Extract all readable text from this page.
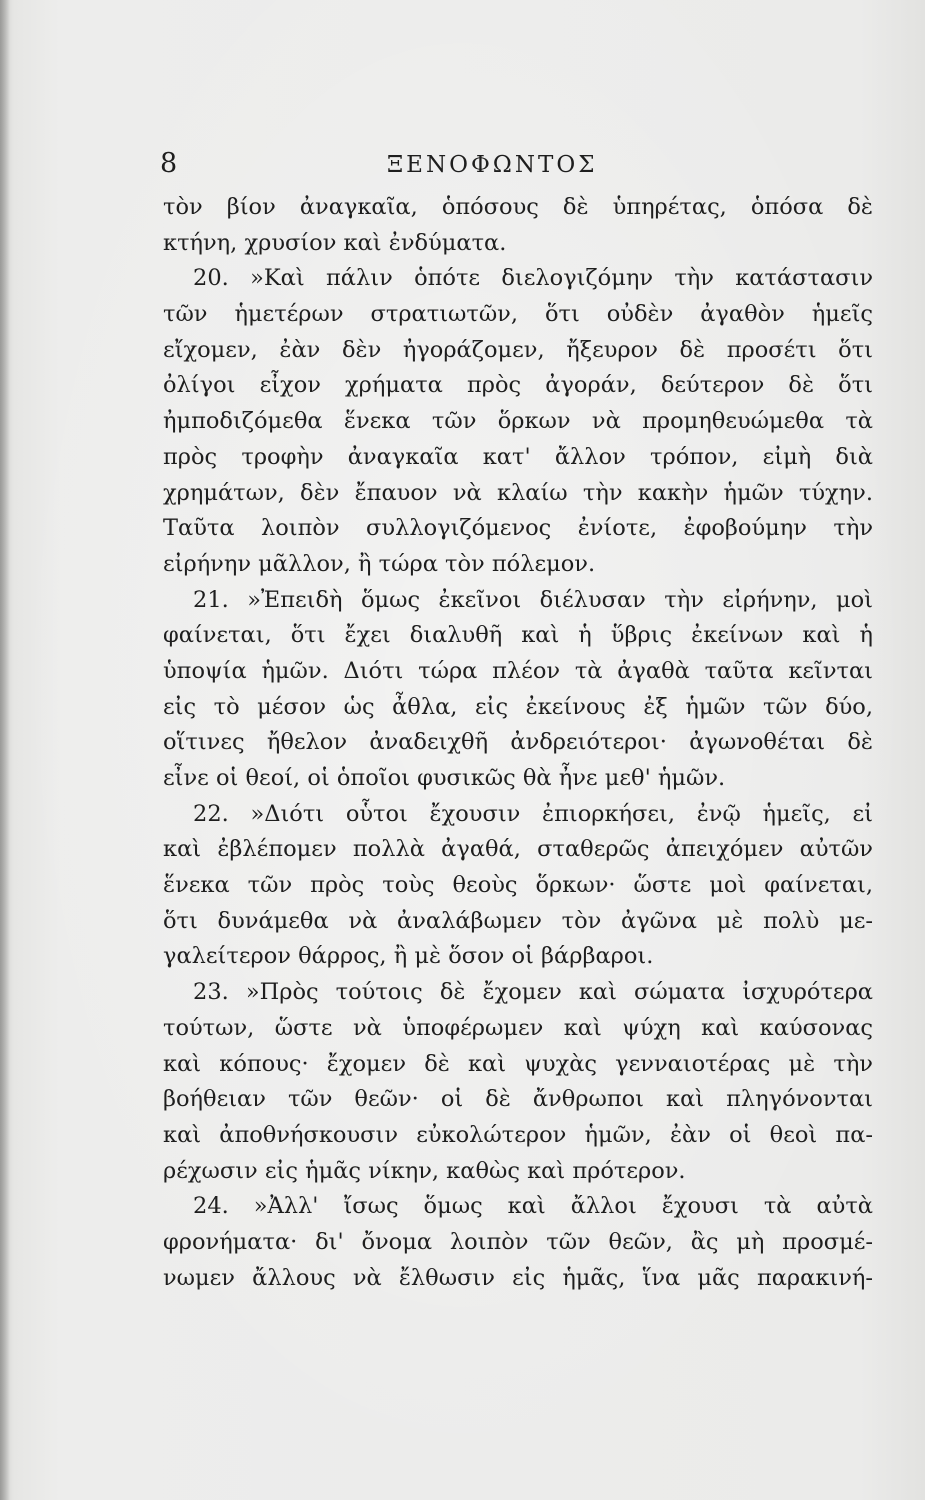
8	ΞΕΝΟΦΩΝΤΟΣ
τὸν βίον ἀναγκαῖα, ὁπόσους δὲ ὑπηρέτας, ὁπόσα δὲ
κτήνη, χρυσίον καὶ ἐνδύματα.
20. »Καὶ πάλιν ὁπότε διελογιζόμην τὴν κατάστασιν
τῶν ἡμετέρων στρατιωτῶν, ὅτι οὐδὲν ἀγαθὸν ἡμεῖς
εἴχομεν, ἐὰν δὲν ἠγοράζομεν, ἤξευρον δὲ προσέτι ὅτι
ὀλίγοι εἶχον χρήματα πρὸς ἀγοράν, δεύτερον δὲ ὅτι
ἠμποδιζόμεθα ἕνεκα τῶν ὅρκων νὰ προμηθευώμεθα τὰ
πρὸς τροφὴν ἀναγκαῖα κατ' ἄλλον τρόπον, εἰμὴ διὰ
χρημάτων, δὲν ἔπαυον νὰ κλαίω τὴν κακὴν ἡμῶν τύχην.
Ταῦτα λοιπὸν συλλογιζόμενος ἐνίοτε, ἐφοβούμην τὴν
εἰρήνην μᾶλλον, ἢ τώρα τὸν πόλεμον.
21. »Ἐπειδὴ ὅμως ἐκεῖνοι διέλυσαν τὴν εἰρήνην, μοὶ
φαίνεται, ὅτι ἔχει διαλυθῆ καὶ ἡ ὕβρις ἐκείνων καὶ ἡ
ὑποψία ἡμῶν. Διότι τώρα πλέον τὰ ἀγαθὰ ταῦτα κεῖνται
εἰς τὸ μέσον ὡς ἆθλα, εἰς ἐκείνους ἐξ ἡμῶν τῶν δύο,
οἵτινες ἤθελον ἀναδειχθῆ ἀνδρειότεροι· ἀγωνοθέται δὲ
εἶνε οἱ θεοί, οἱ ὁποῖοι φυσικῶς θὰ ἦνε μεθ' ἡμῶν.
22. »Διότι οὗτοι ἔχουσιν ἐπιορκήσει, ἐνῷ ἡμεῖς, εἰ
καὶ ἐβλέπομεν πολλὰ ἀγαθά, σταθερῶς ἀπειχόμεν αὐτῶν
ἕνεκα τῶν πρὸς τοὺς θεοὺς ὅρκων· ὥστε μοὶ φαίνεται,
ὅτι δυνάμεθα νὰ ἀναλάβωμεν τὸν ἀγῶνα μὲ πολὺ με-
γαλείτερον θάρρος, ἢ μὲ ὅσον οἱ βάρβαροι.
23. »Πρὸς τούτοις δὲ ἔχομεν καὶ σώματα ἰσχυρότερα
τούτων, ὥστε νὰ ὑποφέρωμεν καὶ ψύχη καὶ καύσονας
καὶ κόπους· ἔχομεν δὲ καὶ ψυχὰς γενναιοτέρας μὲ τὴν
βοήθειαν τῶν θεῶν· οἱ δὲ ἄνθρωποι καὶ πληγόνονται
καὶ ἀποθνήσκουσιν εὐκολώτερον ἡμῶν, ἐὰν οἱ θεοὶ πα-
ρέχωσιν εἰς ἡμᾶς νίκην, καθὼς καὶ πρότερον.
24. »Ἀλλ' ἴσως ὅμως καὶ ἄλλοι ἔχουσι τὰ αὐτὰ
φρονήματα· δι' ὄνομα λοιπὸν τῶν θεῶν, ἂς μὴ προσμέ-
νωμεν ἄλλους νὰ ἔλθωσιν εἰς ἡμᾶς, ἵνα μᾶς παρακινή-
